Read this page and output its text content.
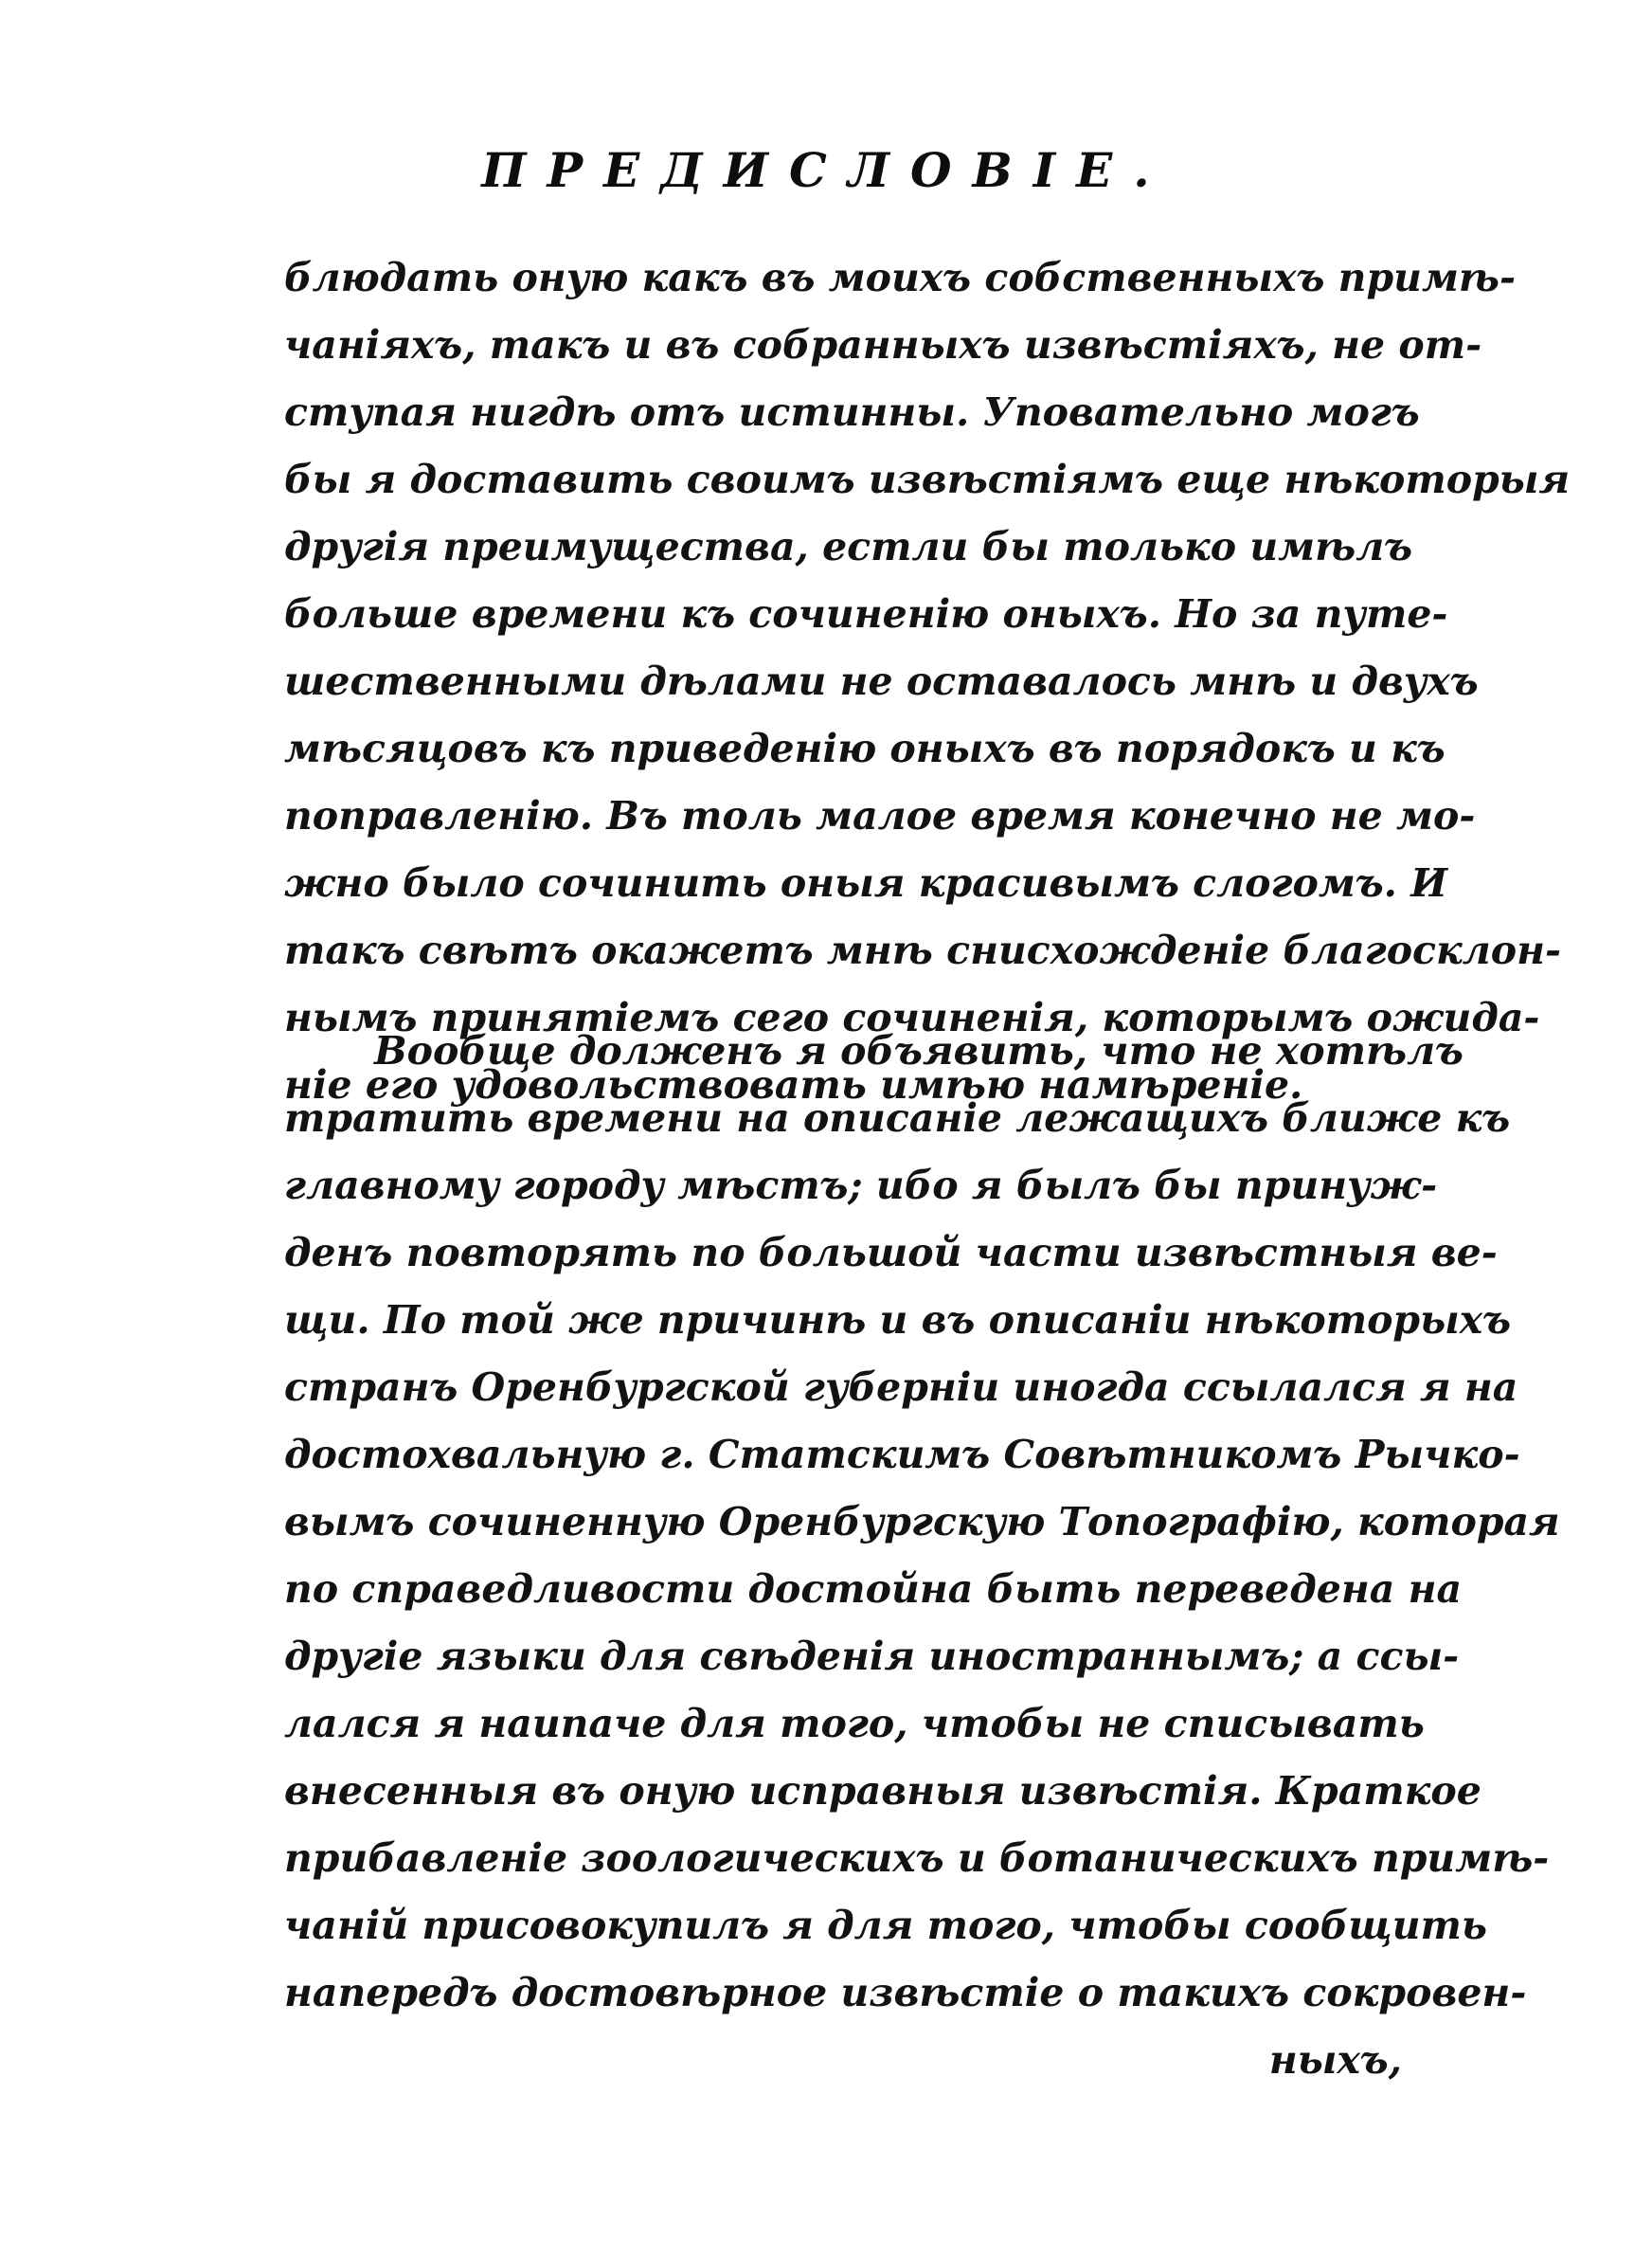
ПРЕДИСЛОВІЕ.
блюдать оную какъ въ моихъ собственныхъ примѣ-
чаніяхъ, такъ и въ собранныхъ извѣстіяхъ, не от-
ступая нигдѣ отъ истинны. Уповательно могъ
бы я доставить своимъ извѣстіямъ еще нѣкоторыя
другія преимущества, естли бы только имѣлъ
больше времени къ сочиненію оныхъ. Но за путе-
шественными дѣлами не оставалось мнѣ и двухъ
мѣсяцовъ къ приведенію оныхъ въ порядокъ и къ
поправленію. Въ толь малое время конечно не мо-
жно было сочинить оныя красивымъ слогомъ. И
такъ свѣтъ окажетъ мнѣ снисхожденіе благосклон-
нымъ принятіемъ сего сочиненія, которымъ ожида-
ніе его удовольствовать имѣю намѣреніе.
Вообще долженъ я объявить, что не хотѣлъ
тратить времени на описаніе лежащихъ ближе къ
главному городу мѣстъ; ибо я былъ бы принуж-
денъ повторять по большой части извѣстныя ве-
щи. По той же причинѣ и въ описаніи нѣкоторыхъ
странъ Оренбургской губерніи иногда ссылался я на
достохвальную г. Статскимъ Совѣтникомъ Рычко-
вымъ сочиненную Оренбургскую Топографію, которая
по справедливости достойна быть переведена на
другіе языки для свѣденія иностраннымъ; а ссы-
лался я наипаче для того, чтобы не списывать
внесенныя въ оную исправныя извѣстія. Краткое
прибавленіе зоологическихъ и ботаническихъ примѣ-
чаній присовокупилъ я для того, чтобы сообщить
напередъ достовѣрное извѣстіе о такихъ сокровен-
ныхъ,
